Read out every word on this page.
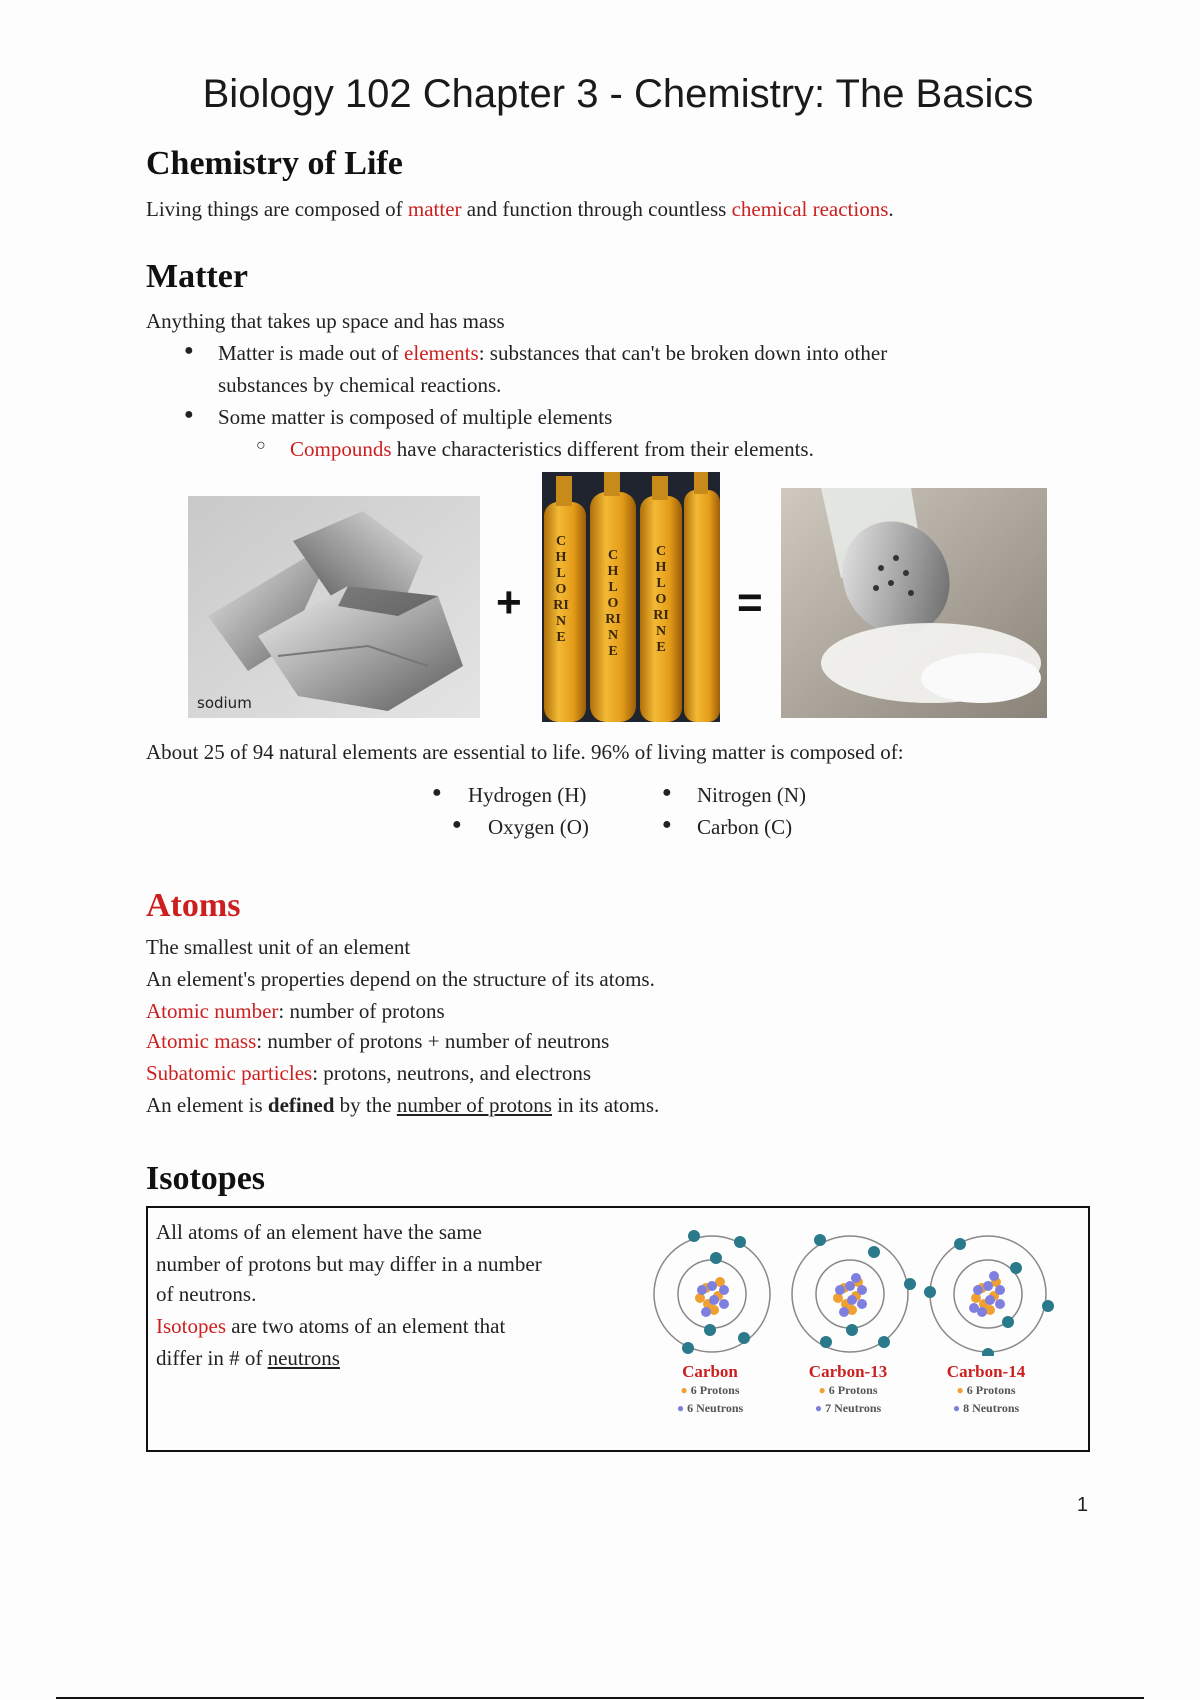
Biology 102 Chapter 3 - Chemistry: The Basics
Chemistry of Life

Living things are composed of matter and function through countless chemical reactions.

Matter

Anything that takes up space and has mass

● Matter is made out of elements: substances that can't be broken down into other

substances by chemical reactions.

● Some matter is composed of multiple elements

○ Compounds have characteristics different from their elements.

sodium
+
CHLORINE
CHLORINE
CHLORINE
=

About 25 of 94 natural elements are essential to life. 96% of living matter is composed of:

● Hydrogen (H)	● Nitrogen (N)

● Oxygen (O)	● Carbon (C)

Atoms

The smallest unit of an element

An element's properties depend on the structure of its atoms.

Atomic number: number of protons

Atomic mass: number of protons + number of neutrons

Subatomic particles: protons, neutrons, and electrons

An element is defined by the number of protons in its atoms.

Isotopes

All atoms of an element have the same

number of protons but may differ in a number

of neutrons.

Isotopes are two atoms of an element that

differ in # of neutrons

Carbon
● 6 Protons
● 6 Neutrons
Carbon-13
● 6 Protons
● 7 Neutrons
Carbon-14
● 6 Protons
● 8 Neutrons
1
